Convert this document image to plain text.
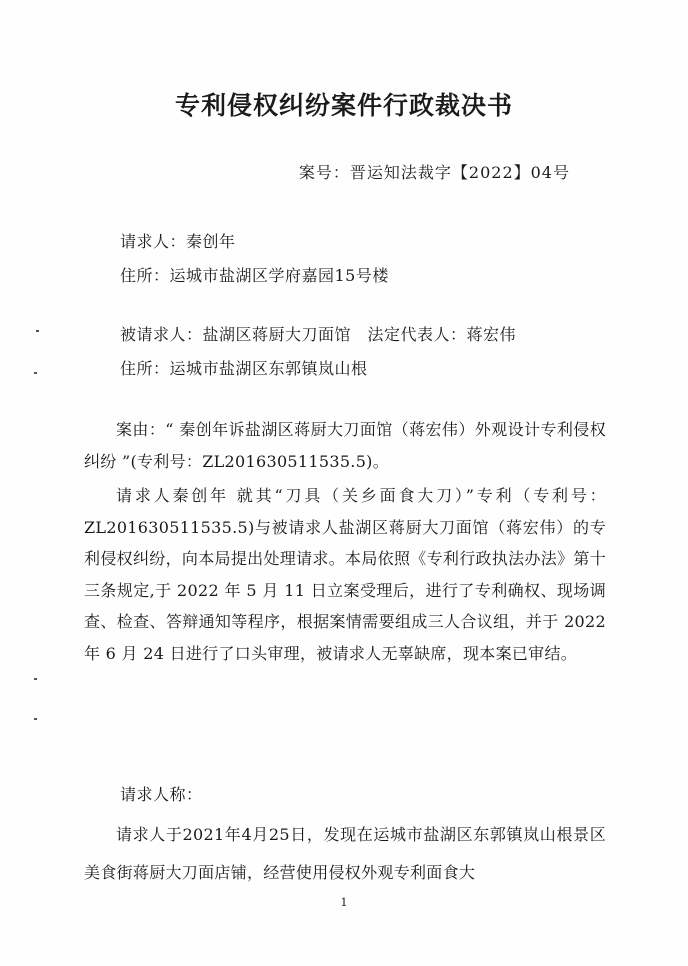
专利侵权纠纷案件行政裁决书
案号：晋运知法裁字【2022】04号
请求人：秦创年
住所：运城市盐湖区学府嘉园15号楼
被请求人：盐湖区蒋厨大刀面馆　法定代表人：蒋宏伟
住所：运城市盐湖区东郭镇岚山根
案由：“ 秦创年诉盐湖区蒋厨大刀面馆（蒋宏伟）外观设计专利侵权纠纷 ”(专利号：ZL201630511535.5)。
请求人秦创年 就其“刀具（关乡面食大刀）”专利（专利号：ZL201630511535.5)与被请求人盐湖区蒋厨大刀面馆（蒋宏伟）的专利侵权纠纷，向本局提出处理请求。本局依照《专利行政执法办法》第十三条规定,于 2022 年 5 月 11 日立案受理后，进行了专利确权、现场调查、检查、答辩通知等程序，根据案情需要组成三人合议组，并于 2022 年 6 月 24 日进行了口头审理，被请求人无辜缺席，现本案已审结。
请求人称：
请求人于2021年4月25日，发现在运城市盐湖区东郭镇岚山根景区美食街蒋厨大刀面店铺，经营使用侵权外观专利面食大
1
